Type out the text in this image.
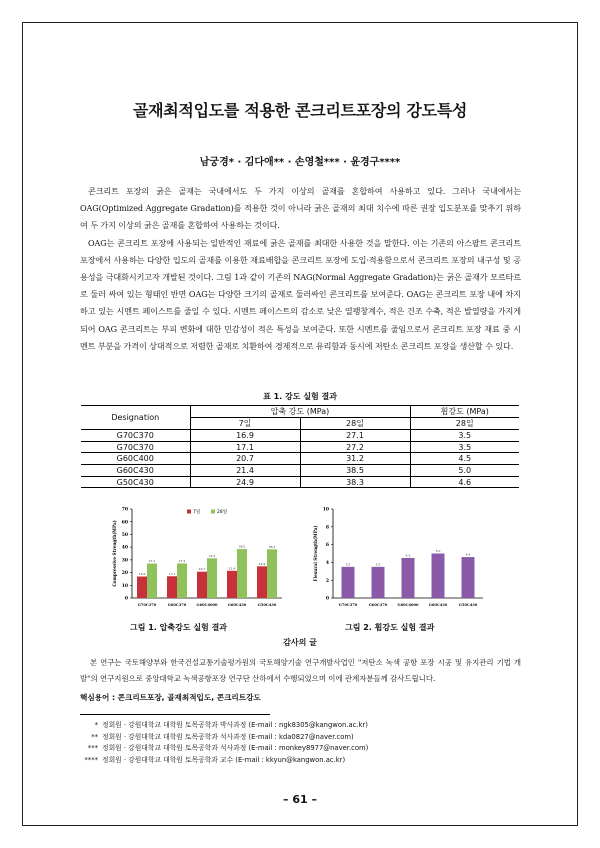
골재최적입도를 적용한 콘크리트포장의 강도특성
남궁경* · 김다애** · 손영철*** · 윤경구****

콘크리트 포장의 굵은 골재는 국내에서도 두 가지 이상의 골재를 혼합하여 사용하고 있다. 그러나 국내에서는 OAG(Optimized Aggregate Gradation)를 적용한 것이 아니라 굵은 골재의 최대 치수에 따른 권장 입도분포를 맞추기 위하여 두 가지 이상의 굵은 골재를 혼합하여 사용하는 것이다.

OAG는 콘크리트 포장에 사용되는 일반적인 재료에 굵은 골재를 최대한 사용한 것을 말한다. 이는 기존의 아스팔트 콘크리트 포장에서 사용하는 다양한 입도의 골재를 이용한 재료배합을 콘크리트 포장에 도입·적용함으로서 콘크리트 포장의 내구성 및 공용성을 극대화시키고자 개발된 것이다. 그림 1과 같이 기존의 NAG(Normal Aggregate Gradation)는 굵은 골재가 모르타르로 둘러 싸여 있는 형태인 반면 OAG는 다양한 크기의 골재로 둘러싸인 콘크리트를 보여준다. OAG는 콘크리트 포장 내에 차지하고 있는 시멘트 페이스트를 줄일 수 있다. 시멘트 페이스트의 감소로 낮은 열팽창계수, 적은 건조 수축, 적은 발열량을 가지게 되어 OAG 콘크리트는 부피 변화에 대한 민감성이 적은 특성을 보여준다. 또한 시멘트를 줄임으로서 콘크리트 포장 재료 중 시멘트 부분을 가격이 상대적으로 저렴한 골재로 치환하여 경제적으로 유리함과 동시에 저탄소 콘크리트 포장을 생산할 수 있다.

표 1. 강도 실험 결과
Designation	압축 강도 (MPa)		휨강도 (MPa)
	7일	28일	28일
G70C370	16.9	27.1	3.5
G70C370	17.1	27.2	3.5
G60C400	20.7	31.2	4.5
G60C430	21.4	38.5	5.0
G50C430	24.9	38.3	4.6
0
10
20
30
40
50
60
70
Compressive Strength(MPa)
G70C370
16.9
27.1
G60C370
17.1
27.2
G60C4000
20.7
31.2
G60C430
21.4
38.5
G50C430
24.9
38.3
7일	28일
0
2
4
6
8
10
Flexural Strength(MPa)
G70C370
3.5
G60C370
3.5
G60C4000
4.5
G60C430
5.0
G50C430
4.6
그림 1. 압축강도 실험 결과	그림 2. 휨강도 실험 결과
감사의 글
본 연구는 국토해양부와 한국건설교통기술평가원의 국토해양기술 연구개발사업인 "저탄소 녹색 공항 포장 시공 및 유지관리 기법 개발"의 연구지원으로 중앙대학교 녹색공항포장 연구단 산하에서 수행되었으며 이에 관계자분들께 감사드립니다.
핵심용어 : 콘크리트포장, 골재최적입도, 콘크리트강도
* 정회원 · 강원대학교 대학원 토목공학과 박사과정 (E-mail : ngk8305@kangwon.ac.kr)
** 정회원 · 강원대학교 대학원 토목공학과 석사과정 (E-mail : kda0827@naver.com)
*** 정회원 · 강원대학교 대학원 토목공학과 석사과정 (E-mail : monkey8977@naver.com)
**** 정회원 · 강원대학교 대학원 토목공학과 교수 (E-mail : kkyun@kangwon.ac.kr)
– 61 –
